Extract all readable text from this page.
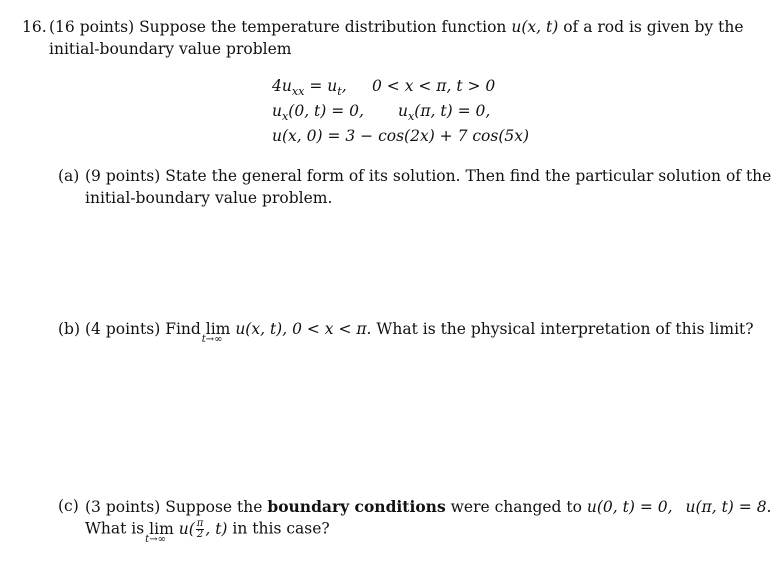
16. (16 points) Suppose the temperature distribution function u(x, t) of a rod is given by the
initial-boundary value problem
$4u_{xx} = u_t$, 0 < x < π, t > 0
$u_x(0$, t) = 0, $u_x(\pi$, t) = 0,
u(x, 0) = 3 − cos(2x) + 7 cos(5x)
(a) (9 points) State the general form of its solution. Then find the particular solution of the
initial-boundary value problem.
(b) (4 points) Find lim
t→∞
u(x, t), 0 < x < π. What is the physical interpretation of this limit?
(c) (3 points) Suppose the boundary conditions were changed to u(0, t) = 0, u(π, t) = 8.
What is lim
t→∞
$u( \frac{\pi}{2}$ , t) in this case?
